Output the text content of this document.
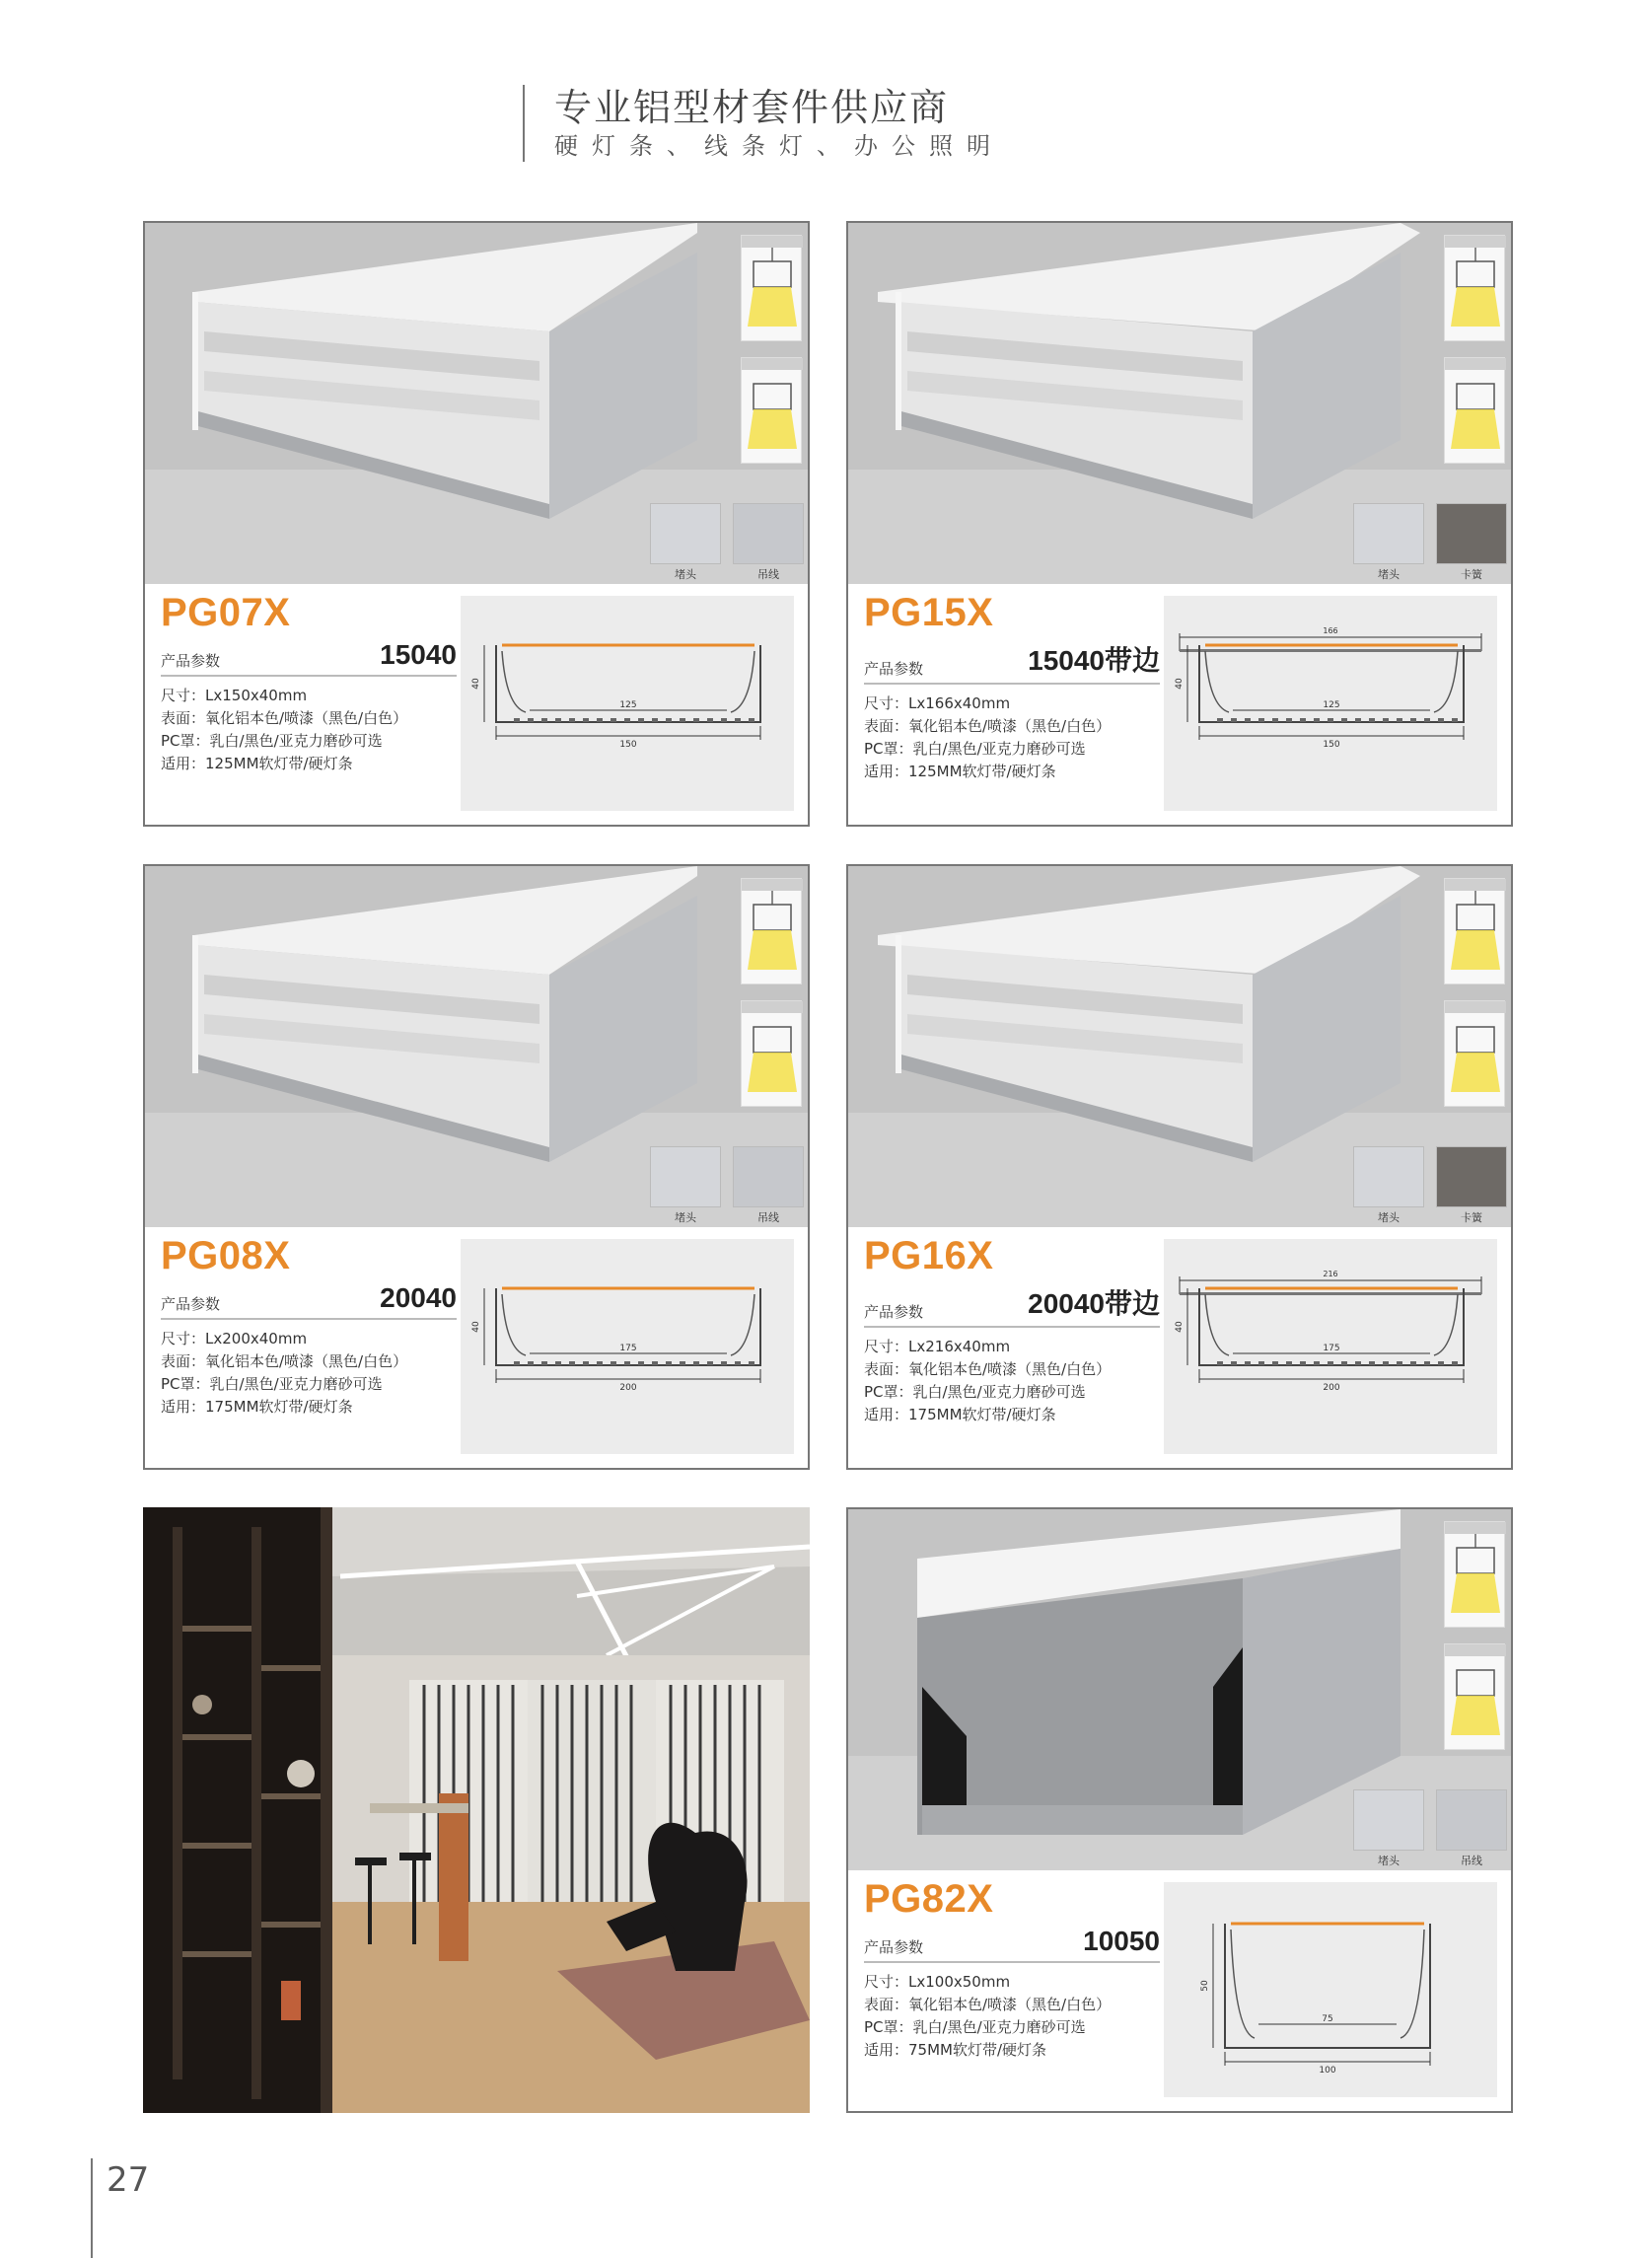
专业铝型材套件供应商
硬灯条、线条灯、办公照明
堵头	吊线
PG07X
产品参数	15040
尺寸：Lx150x40mm
表面：氧化铝本色/喷漆（黑色/白色）
PC罩：乳白/黑色/亚克力磨砂可选
适用：125MM软灯带/硬灯条
40
125
150
堵头	卡簧
PG15X
产品参数	15040带边
尺寸：Lx166x40mm
表面：氧化铝本色/喷漆（黑色/白色）
PC罩：乳白/黑色/亚克力磨砂可选
适用：125MM软灯带/硬灯条
40
125
150
166
堵头	吊线
PG08X
产品参数	20040
尺寸：Lx200x40mm
表面：氧化铝本色/喷漆（黑色/白色）
PC罩：乳白/黑色/亚克力磨砂可选
适用：175MM软灯带/硬灯条
40
175
200
堵头	卡簧
PG16X
产品参数	20040带边
尺寸：Lx216x40mm
表面：氧化铝本色/喷漆（黑色/白色）
PC罩：乳白/黑色/亚克力磨砂可选
适用：175MM软灯带/硬灯条
40
175
200
216
堵头	吊线
PG82X
产品参数	10050
尺寸：Lx100x50mm
表面：氧化铝本色/喷漆（黑色/白色）
PC罩：乳白/黑色/亚克力磨砂可选
适用：75MM软灯带/硬灯条
50
75
100
27
